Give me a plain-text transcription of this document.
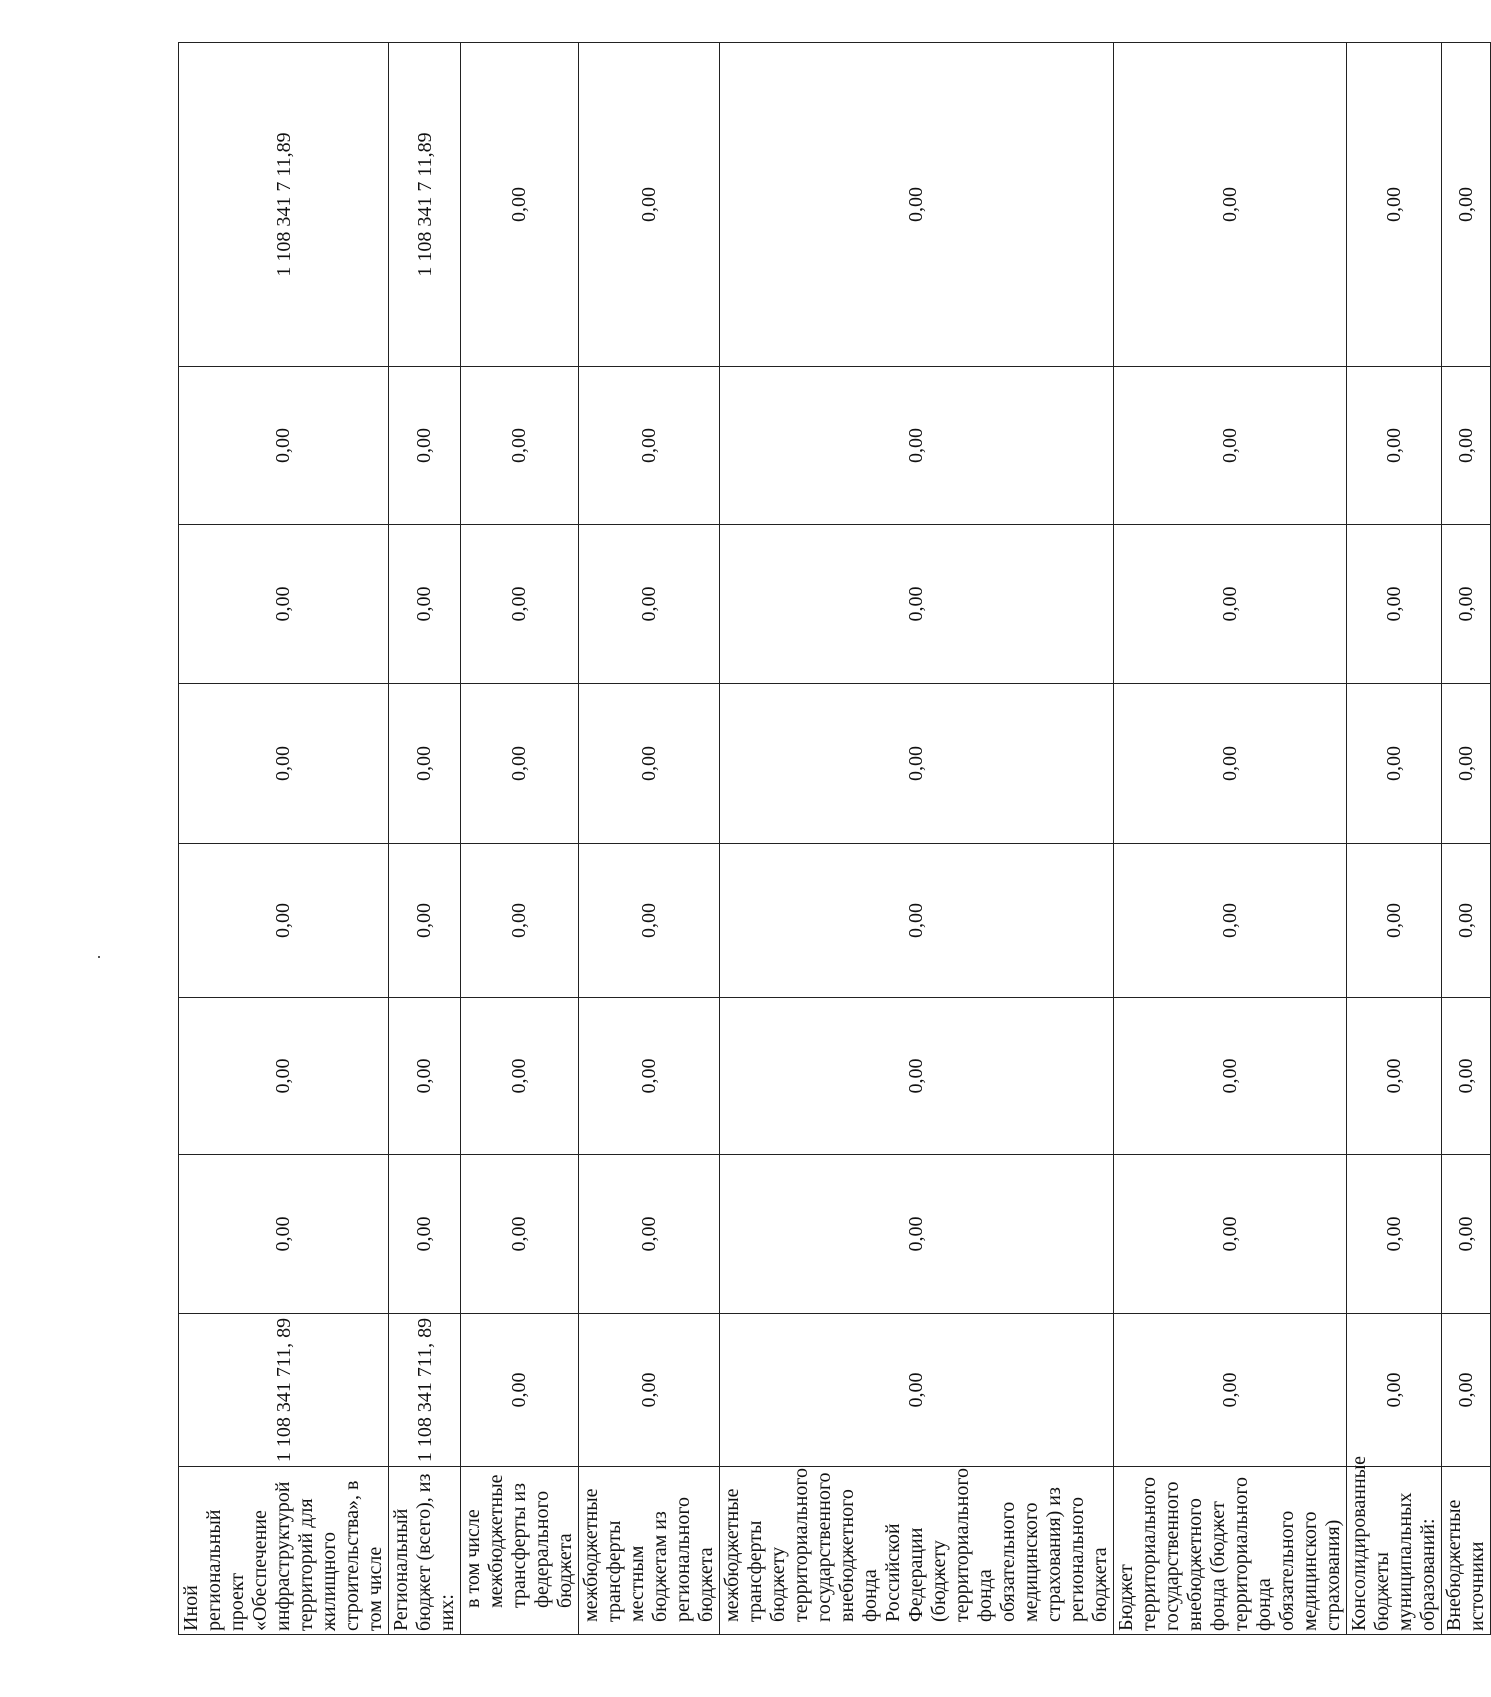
Иной региональный проект «Обеспечение инфраструктурой территорий для жилищного строительства», в том числе	1 108 341 711, 89	0,00	0,00	0,00	0,00	0,00	0,00	1 108 341 7 11,89
Региональный бюджет (всего), из них:	1 108 341 711, 89	0,00	0,00	0,00	0,00	0,00	0,00	1 108 341 7 11,89
в том числе межбюджетные трансферты из федерального бюджета	0,00	0,00	0,00	0,00	0,00	0,00	0,00	0,00
межбюджетные трансферты местным бюджетам из регионального бюджета	0,00	0,00	0,00	0,00	0,00	0,00	0,00	0,00
межбюджетные трансферты бюджету территориального государственного внебюджетного фонда Российской Федерации (бюджету территориального фонда обязательного медицинского страхования) из регионального бюджета	0,00	0,00	0,00	0,00	0,00	0,00	0,00	0,00
Бюджет территориального государственного внебюджетного фонда (бюджет территориального фонда обязательного медицинского страхования)	0,00	0,00	0,00	0,00	0,00	0,00	0,00	0,00
Консолидированные бюджеты муниципальных образований:	0,00	0,00	0,00	0,00	0,00	0,00	0,00	0,00
Внебюджетные источники	0,00	0,00	0,00	0,00	0,00	0,00	0,00	0,00
